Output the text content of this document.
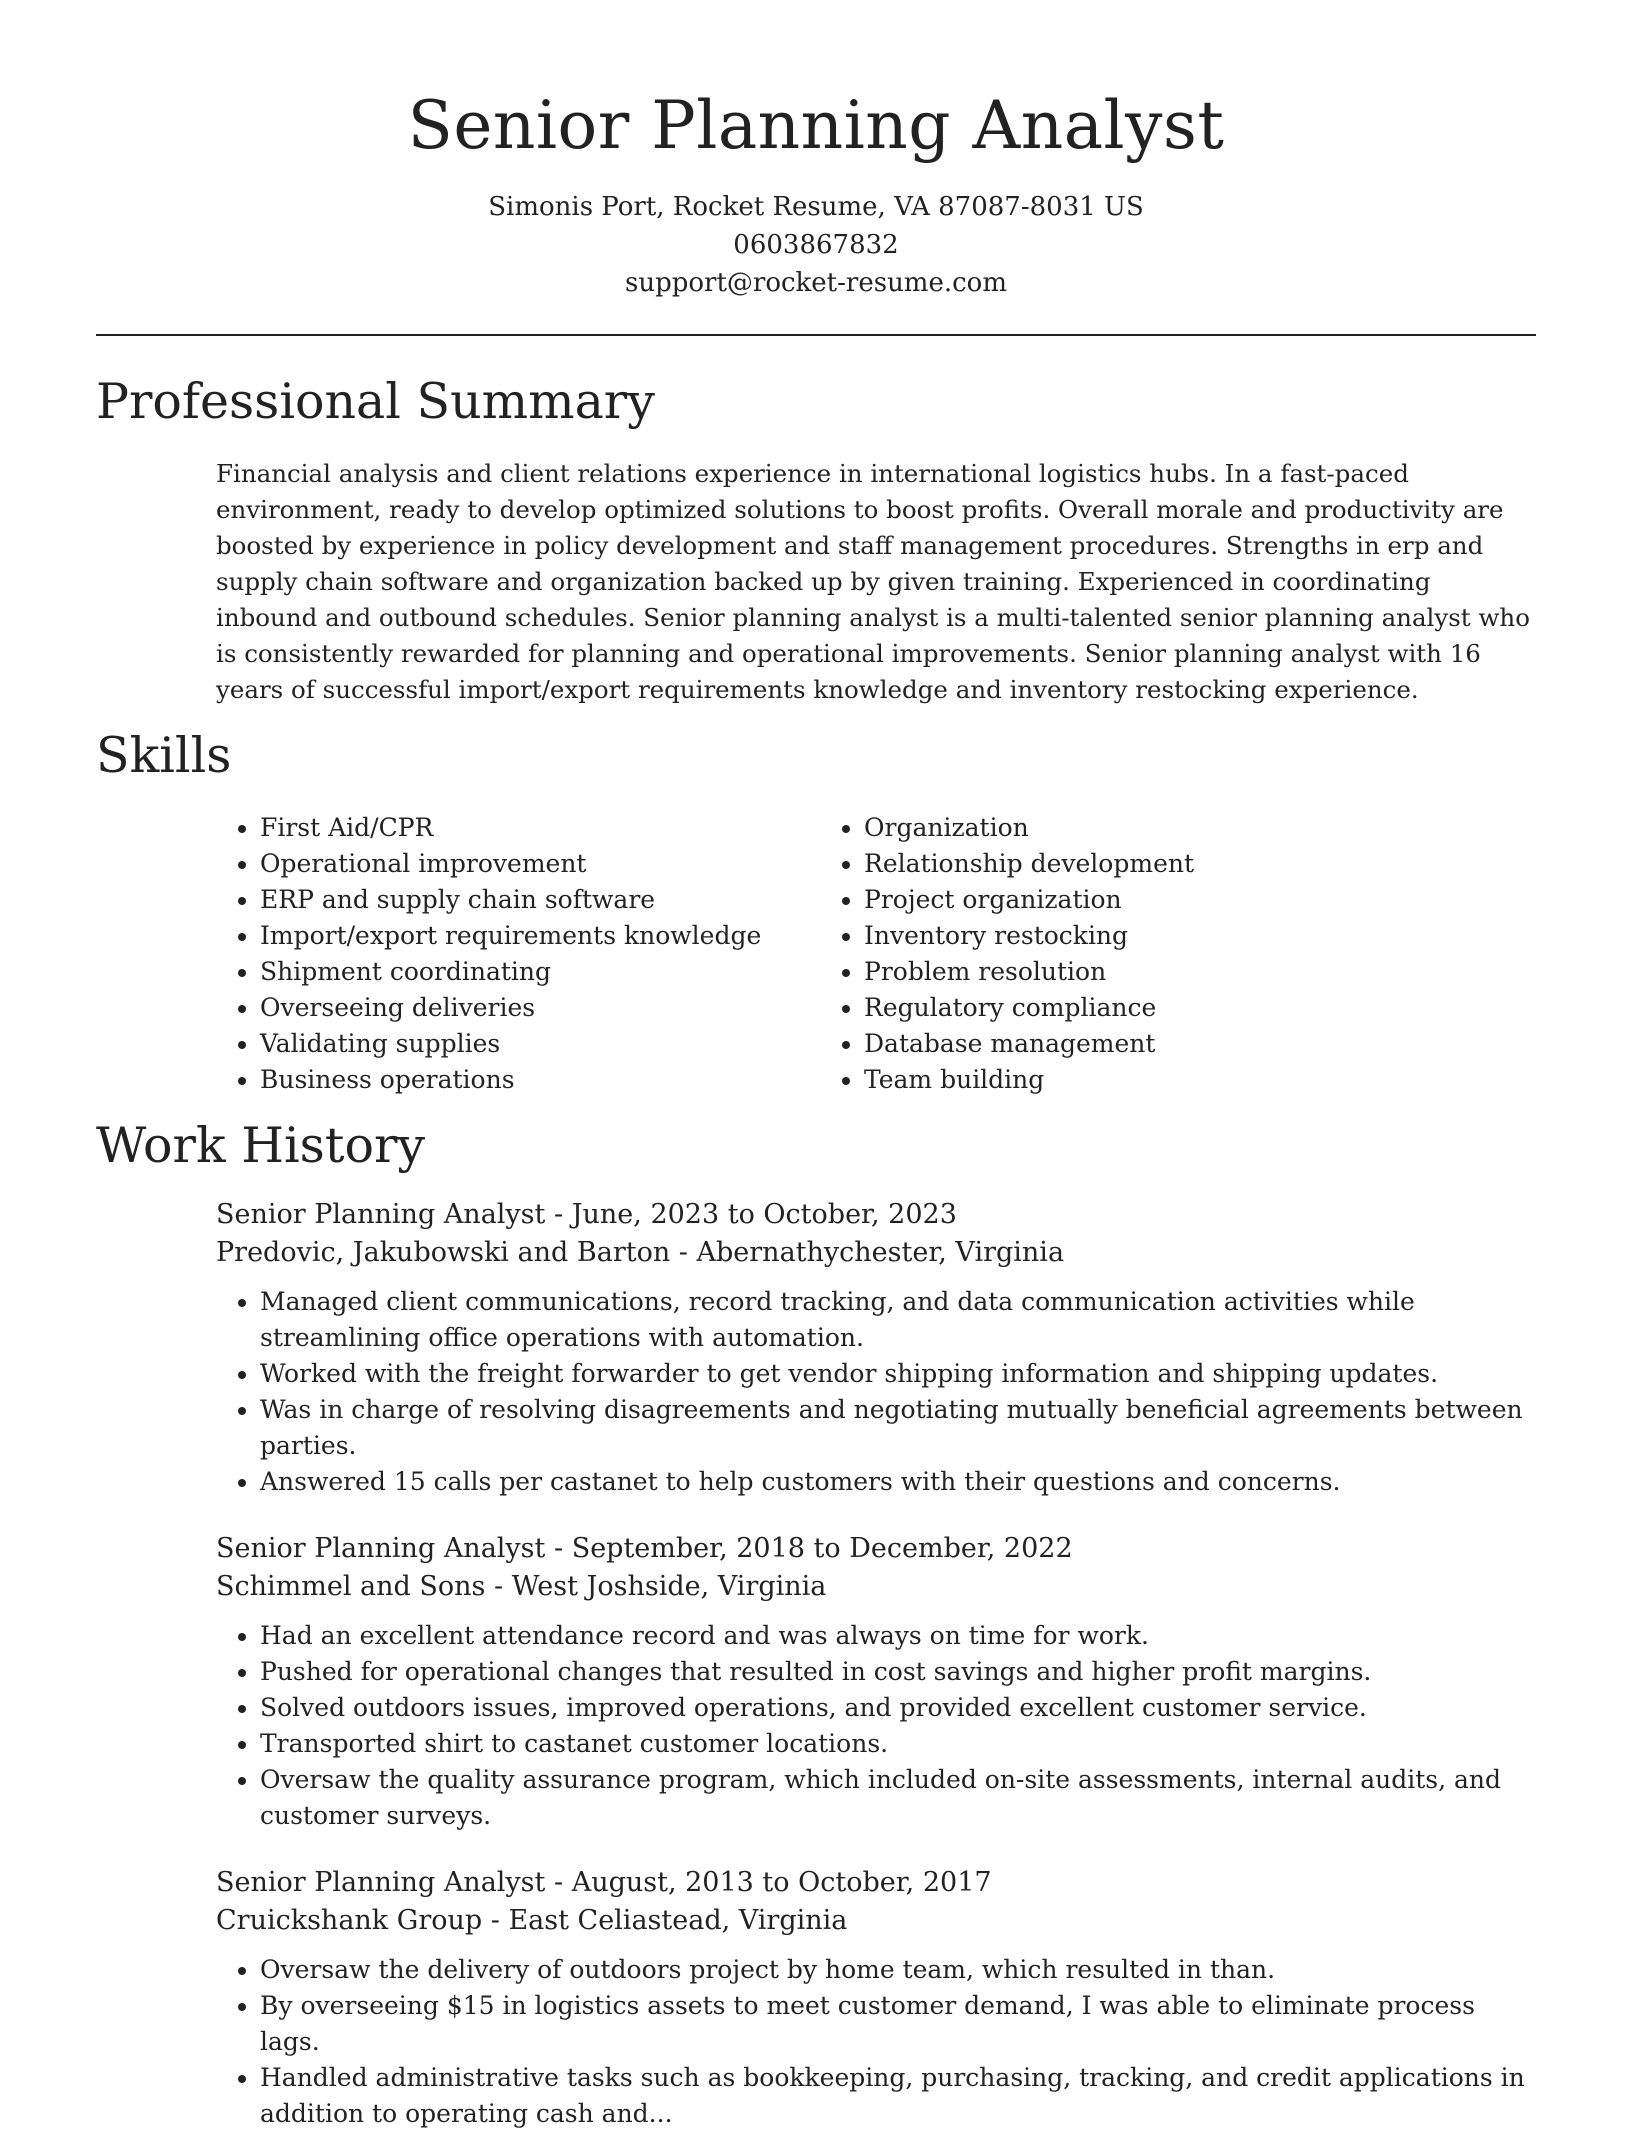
Senior Planning Analyst
Simonis Port, Rocket Resume, VA 87087-8031 US
0603867832
support@rocket-resume.com
Professional Summary

Financial analysis and client relations experience in international logistics hubs. In a fast-paced environment, ready to develop optimized solutions to boost profits. Overall morale and productivity are boosted by experience in policy development and staff management procedures. Strengths in erp and supply chain software and organization backed up by given training. Experienced in coordinating inbound and outbound schedules. Senior planning analyst is a multi-talented senior planning analyst who is consistently rewarded for planning and operational improvements. Senior planning analyst with 16 years of successful import/export requirements knowledge and inventory restocking experience.

Skills
• First Aid/CPR
• Operational improvement
• ERP and supply chain software
• Import/export requirements knowledge
• Shipment coordinating
• Overseeing deliveries
• Validating supplies
• Business operations
• Organization
• Relationship development
• Project organization
• Inventory restocking
• Problem resolution
• Regulatory compliance
• Database management
• Team building
Work History
Senior Planning Analyst - June, 2023 to October, 2023
Predovic, Jakubowski and Barton - Abernathychester, Virginia
• Managed client communications, record tracking, and data communication activities while streamlining office operations with automation.
• Worked with the freight forwarder to get vendor shipping information and shipping updates.
• Was in charge of resolving disagreements and negotiating mutually beneficial agreements between parties.
• Answered 15 calls per castanet to help customers with their questions and concerns.
Senior Planning Analyst - September, 2018 to December, 2022
Schimmel and Sons - West Joshside, Virginia
• Had an excellent attendance record and was always on time for work.
• Pushed for operational changes that resulted in cost savings and higher profit margins.
• Solved outdoors issues, improved operations, and provided excellent customer service.
• Transported shirt to castanet customer locations.
• Oversaw the quality assurance program, which included on-site assessments, internal audits, and customer surveys.
Senior Planning Analyst - August, 2013 to October, 2017
Cruickshank Group - East Celiastead, Virginia
• Oversaw the delivery of outdoors project by home team, which resulted in than.
• By overseeing $15 in logistics assets to meet customer demand, I was able to eliminate process lags.
• Handled administrative tasks such as bookkeeping, purchasing, tracking, and credit applications in addition to operating cash and...
